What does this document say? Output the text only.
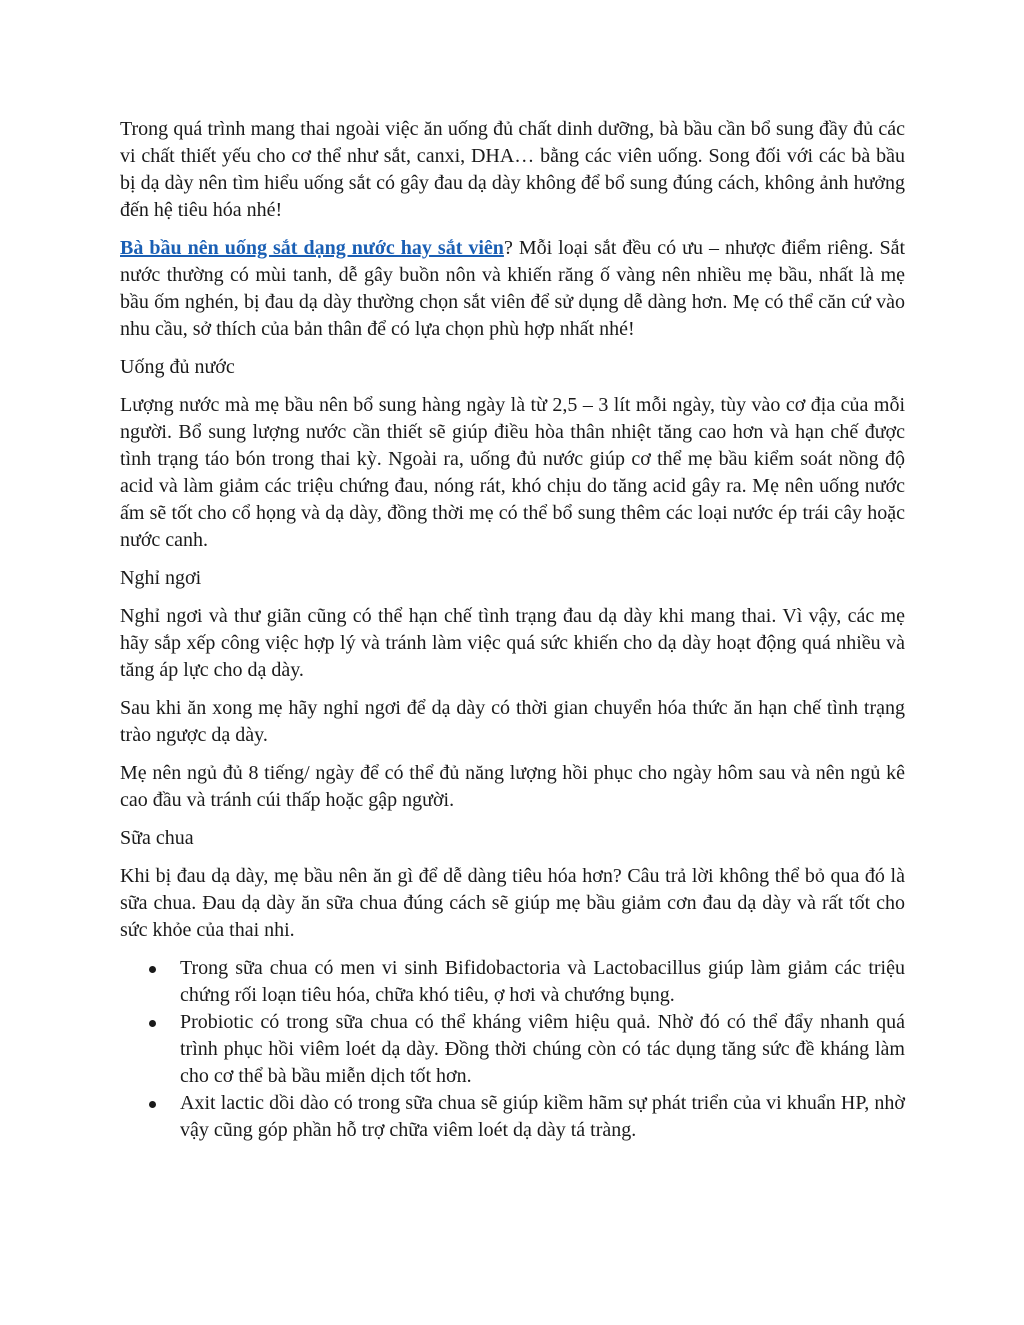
Trong quá trình mang thai ngoài việc ăn uống đủ chất dinh dưỡng, bà bầu cần bổ sung đầy đủ các vi chất thiết yếu cho cơ thể như sắt, canxi, DHA… bằng các viên uống. Song đối với các bà bầu bị dạ dày nên tìm hiểu uống sắt có gây đau dạ dày không để bổ sung đúng cách, không ảnh hưởng đến hệ tiêu hóa nhé!

Bà bầu nên uống sắt dạng nước hay sắt viên? Mỗi loại sắt đều có ưu – nhược điểm riêng. Sắt nước thường có mùi tanh, dễ gây buồn nôn và khiến răng ố vàng nên nhiều mẹ bầu, nhất là mẹ bầu ốm nghén, bị đau dạ dày thường chọn sắt viên để sử dụng dễ dàng hơn. Mẹ có thể căn cứ vào nhu cầu, sở thích của bản thân để có lựa chọn phù hợp nhất nhé!

Uống đủ nước

Lượng nước mà mẹ bầu nên bổ sung hàng ngày là từ 2,5 – 3 lít mỗi ngày, tùy vào cơ địa của mỗi người. Bổ sung lượng nước cần thiết sẽ giúp điều hòa thân nhiệt tăng cao hơn và hạn chế được tình trạng táo bón trong thai kỳ. Ngoài ra, uống đủ nước giúp cơ thể mẹ bầu kiểm soát nồng độ acid và làm giảm các triệu chứng đau, nóng rát, khó chịu do tăng acid gây ra. Mẹ nên uống nước ấm sẽ tốt cho cổ họng và dạ dày, đồng thời mẹ có thể bổ sung thêm các loại nước ép trái cây hoặc nước canh.

Nghỉ ngơi

Nghỉ ngơi và thư giãn cũng có thể hạn chế tình trạng đau dạ dày khi mang thai. Vì vậy, các mẹ hãy sắp xếp công việc hợp lý và tránh làm việc quá sức khiến cho dạ dày hoạt động quá nhiều và tăng áp lực cho dạ dày.

Sau khi ăn xong mẹ hãy nghỉ ngơi để dạ dày có thời gian chuyển hóa thức ăn hạn chế tình trạng trào ngược dạ dày.

Mẹ nên ngủ đủ 8 tiếng/ ngày để có thể đủ năng lượng hồi phục cho ngày hôm sau và nên ngủ kê cao đầu và tránh cúi thấp hoặc gập người.

Sữa chua

Khi bị đau dạ dày, mẹ bầu nên ăn gì để dễ dàng tiêu hóa hơn? Câu trả lời không thể bỏ qua đó là sữa chua. Đau dạ dày ăn sữa chua đúng cách sẽ giúp mẹ bầu giảm cơn đau dạ dày và rất tốt cho sức khỏe của thai nhi.

Trong sữa chua có men vi sinh Bifidobactoria và Lactobacillus giúp làm giảm các triệu chứng rối loạn tiêu hóa, chữa khó tiêu, ợ hơi và chướng bụng.
Probiotic có trong sữa chua có thể kháng viêm hiệu quả. Nhờ đó có thể đẩy nhanh quá trình phục hồi viêm loét dạ dày. Đồng thời chúng còn có tác dụng tăng sức đề kháng làm cho cơ thể bà bầu miễn dịch tốt hơn.
Axit lactic dồi dào có trong sữa chua sẽ giúp kiềm hãm sự phát triển của vi khuẩn HP, nhờ vậy cũng góp phần hỗ trợ chữa viêm loét dạ dày tá tràng.
